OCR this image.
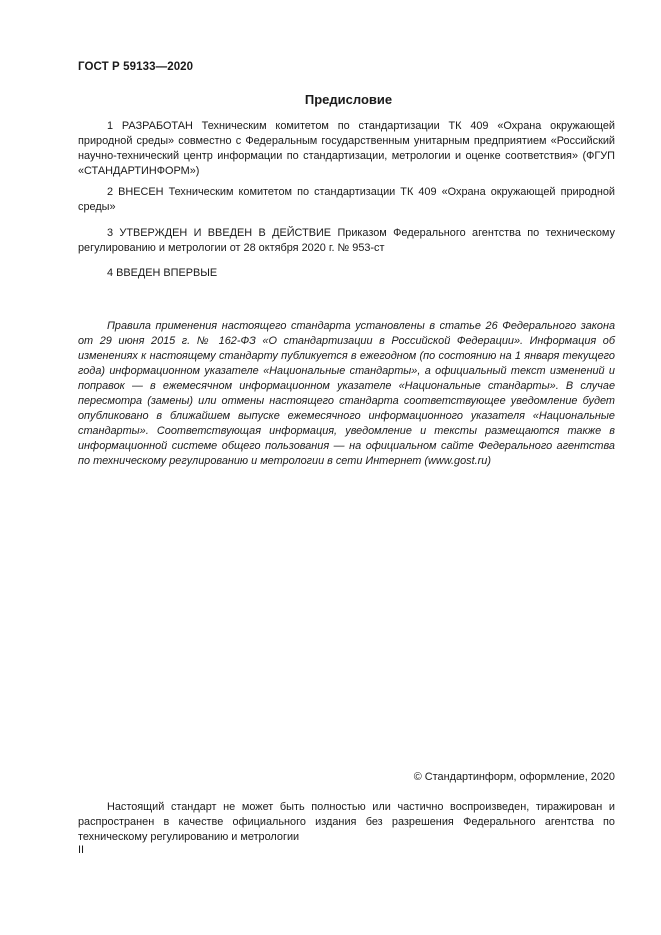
ГОСТ Р 59133—2020
Предисловие

1 РАЗРАБОТАН Техническим комитетом по стандартизации ТК 409 «Охрана окружающей природной среды» совместно с Федеральным государственным унитарным предприятием «Российский научно-технический центр информации по стандартизации, метрологии и оценке соответствия» (ФГУП «СТАНДАРТИНФОРМ»)

2 ВНЕСЕН Техническим комитетом по стандартизации ТК 409 «Охрана окружающей природной среды»

3 УТВЕРЖДЕН И ВВЕДЕН В ДЕЙСТВИЕ Приказом Федерального агентства по техническому регулированию и метрологии от 28 октября 2020 г. № 953-ст

4 ВВЕДЕН ВПЕРВЫЕ

Правила применения настоящего стандарта установлены в статье 26 Федерального закона от 29 июня 2015 г. № 162-ФЗ «О стандартизации в Российской Федерации». Информация об изменениях к настоящему стандарту публикуется в ежегодном (по состоянию на 1 января текущего года) информационном указателе «Национальные стандарты», а официальный текст изменений и поправок — в ежемесячном информационном указателе «Национальные стандарты». В случае пересмотра (замены) или отмены настоящего стандарта соответствующее уведомление будет опубликовано в ближайшем выпуске ежемесячного информационного указателя «Национальные стандарты». Соответствующая информация, уведомление и тексты размещаются также в информационной системе общего пользования — на официальном сайте Федерального агентства по техническому регулированию и метрологии в сети Интернет (www.gost.ru)

© Стандартинформ, оформление, 2020

Настоящий стандарт не может быть полностью или частично воспроизведен, тиражирован и распространен в качестве официального издания без разрешения Федерального агентства по техническому регулированию и метрологии

II
